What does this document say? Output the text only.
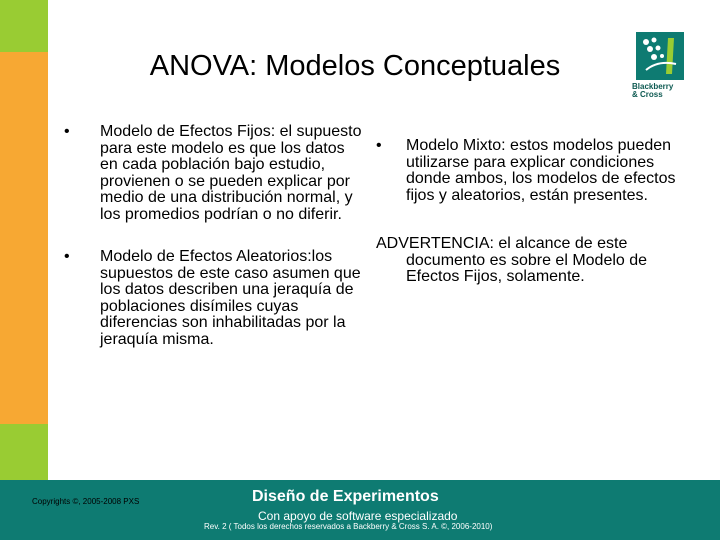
ANOVA: Modelos Conceptuales
Blackberry
& Cross
• Modelo de Efectos Fijos: el supuesto para este modelo es que los datos en cada población bajo estudio, provienen o se pueden explicar por medio de una distribución normal, y los promedios podrían o no diferir.
• Modelo de Efectos Aleatorios:los supuestos de este caso asumen que los datos describen una jeraquía de poblaciones disímiles cuyas diferencias son inhabilitadas por la jeraquía misma.
• Modelo Mixto: estos modelos pueden utilizarse para explicar condiciones donde ambos, los modelos de efectos fijos y aleatorios, están presentes.
ADVERTENCIA: el alcance de este documento es sobre el Modelo de Efectos Fijos, solamente.
Copyrights ©, 2005-2008 PXS	Diseño de Experimentos
Con apoyo de software especializado
Rev. 2 ( Todos los derechos reservados a Backberry & Cross S. A. ©, 2006-2010)
